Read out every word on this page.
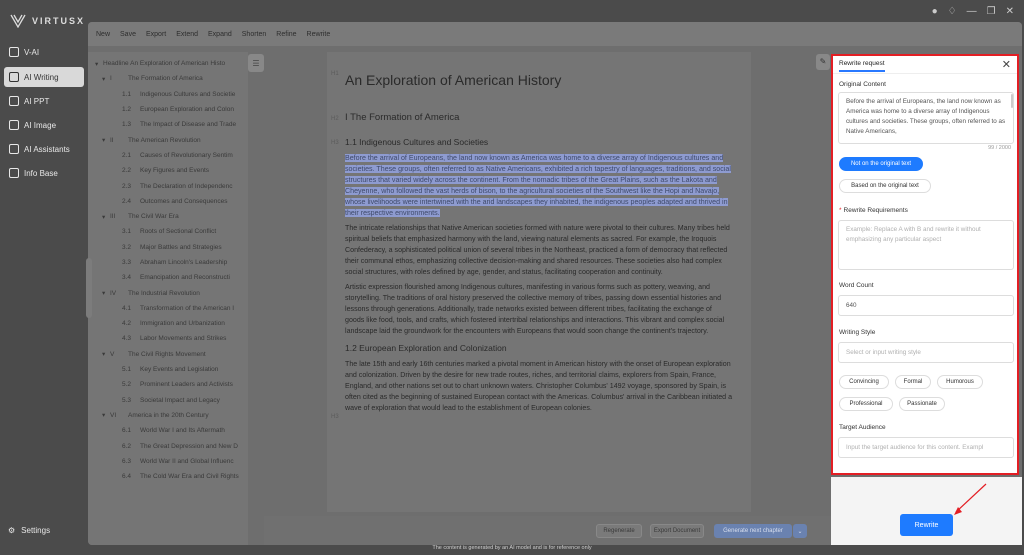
VIRTUSX
V-AI
AI Writing
AI PPT
AI Image
AI Assistants
Info Base
⚙ Settings
● ♢ — ❐ ✕
New Save Export Extend Expand Shorten Refine Rewrite
▾ Headline An Exploration of American Histo
▾ I	The Formation of America
1.1	Indigenous Cultures and Societie
1.2	European Exploration and Colon
1.3	The Impact of Disease and Trade
▾ II	The American Revolution
2.1	Causes of Revolutionary Sentim
2.2	Key Figures and Events
2.3	The Declaration of Independenc
2.4	Outcomes and Consequences
▾ III	The Civil War Era
3.1	Roots of Sectional Conflict
3.2	Major Battles and Strategies
3.3	Abraham Lincoln's Leadership
3.4	Emancipation and Reconstructi
▾ IV	The Industrial Revolution
4.1	Transformation of the American I
4.2	Immigration and Urbanization
4.3	Labor Movements and Strikes
▾ V	The Civil Rights Movement
5.1	Key Events and Legislation
5.2	Prominent Leaders and Activists
5.3	Societal Impact and Legacy
▾ VI	America in the 20th Century
6.1	World War I and Its Aftermath
6.2	The Great Depression and New D
6.3	World War II and Global Influenc
6.4	The Cold War Era and Civil Rights
☰
H1 An Exploration of American History
H2 I The Formation of America
H3 1.1 Indigenous Cultures and Societies

Before the arrival of Europeans, the land now known as America was home to a diverse array of Indigenous cultures and societies. These groups, often referred to as Native Americans, exhibited a rich tapestry of languages, traditions, and social structures that varied widely across the continent. From the nomadic tribes of the Great Plains, such as the Lakota and Cheyenne, who followed the vast herds of bison, to the agricultural societies of the Southwest like the Hopi and Navajo, whose livelihoods were intertwined with the arid landscapes they inhabited, the indigenous peoples adapted and thrived in their respective environments.

The intricate relationships that Native American societies formed with nature were pivotal to their cultures. Many tribes held spiritual beliefs that emphasized harmony with the land, viewing natural elements as sacred. For example, the Iroquois Confederacy, a sophisticated political union of several tribes in the Northeast, practiced a form of democracy that reflected their communal ethos, emphasizing collective decision-making and shared resources. These societies also had complex social structures, with roles defined by age, gender, and status, facilitating cooperation and continuity.

Artistic expression flourished among Indigenous cultures, manifesting in various forms such as pottery, weaving, and storytelling. The traditions of oral history preserved the collective memory of tribes, passing down essential histories and lessons through generations. Additionally, trade networks existed between different tribes, facilitating the exchange of goods like food, tools, and crafts, which fostered intertribal relationships and interactions. This vibrant and complex social landscape laid the groundwork for the encounters with Europeans that would soon change the continent's trajectory.

H3
1.2 European Exploration and Colonization

The late 15th and early 16th centuries marked a pivotal moment in American history with the onset of European exploration and colonization. Driven by the desire for new trade routes, riches, and territorial claims, explorers from Spain, France, England, and other nations set out to chart unknown waters. Christopher Columbus' 1492 voyage, sponsored by Spain, is often cited as the beginning of sustained European contact with the Americas. Columbus' arrival in the Caribbean initiated a wave of exploration that would lead to the establishment of European colonies.

✎
Regenerate	Export Document	Generate next chapter	⌄
Rewrite request	✕
Original Content
Before the arrival of Europeans, the land now known as America was home to a diverse array of Indigenous cultures and societies. These groups, often referred to as Native Americans,
99 / 2000
Not on the original text
Based on the original text
* Rewrite Requirements
Example: Replace A with B and rewrite it without emphasizing any particular aspect
Word Count
640
Writing Style
Select or input writing style
Convincing	Formal	Humorous
Professional	Passionate
Target Audience
Input the target audience for this content. Exampl
Rewrite
The content is generated by an AI model and is for reference only
